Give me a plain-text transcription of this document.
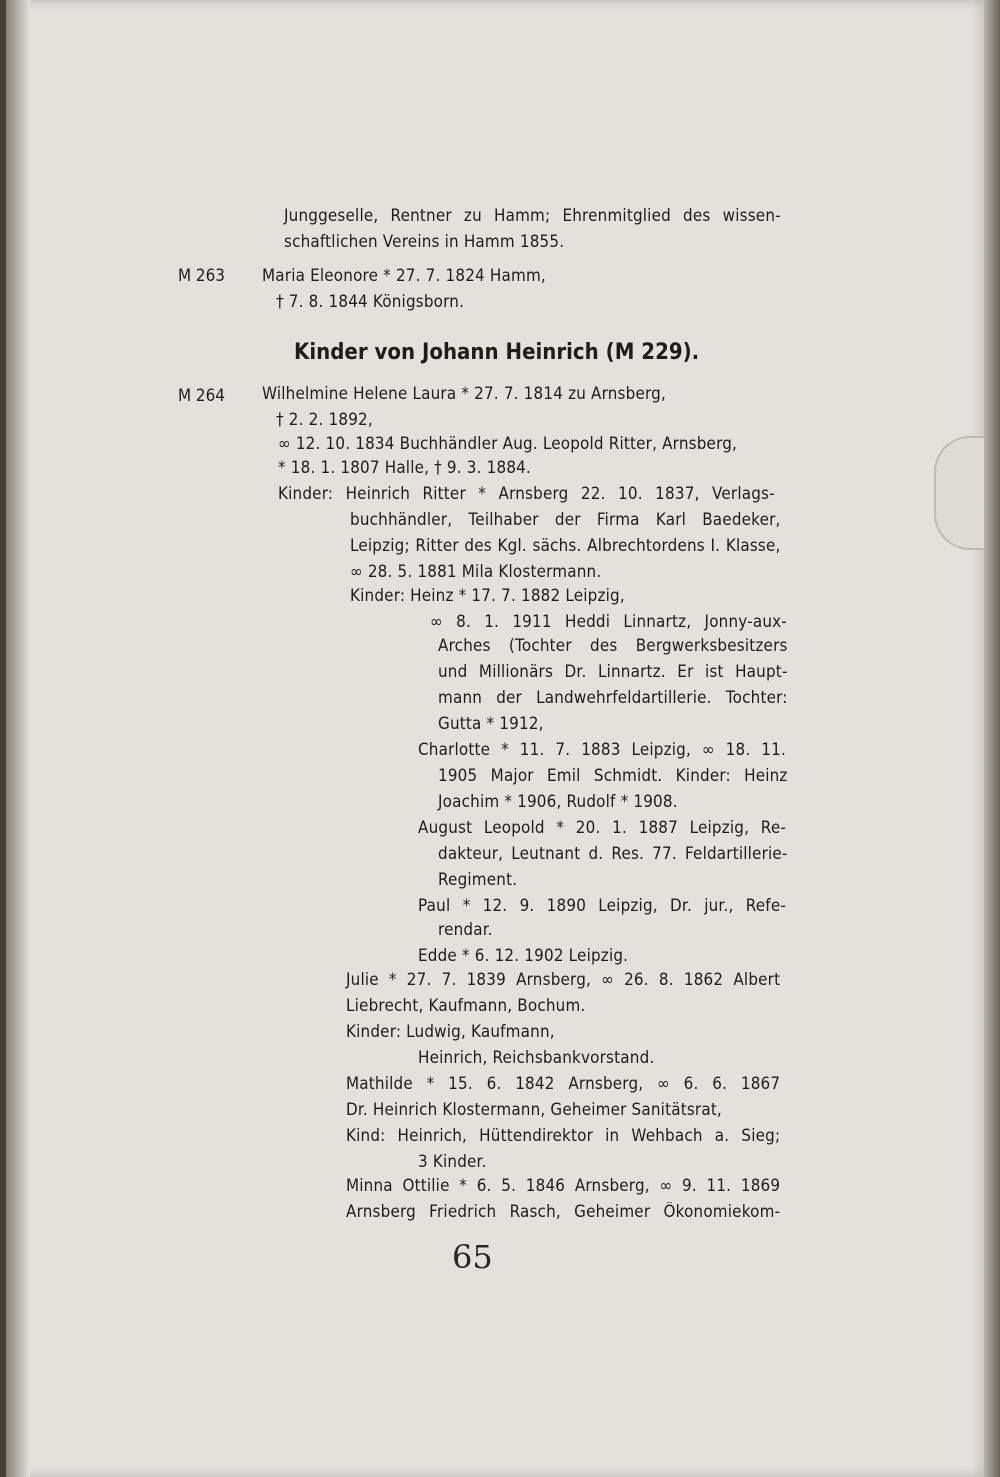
Junggeselle, Rentner zu Hamm; Ehrenmitglied des wissen-

schaftlichen Vereins in Hamm 1855.

M 263 Maria Eleonore * 27. 7. 1824 Hamm,

† 7. 8. 1844 Königsborn.

Kinder von Johann Heinrich (M 229).

M 264 Wilhelmine Helene Laura * 27. 7. 1814 zu Arnsberg,

† 2. 2. 1892,

∞ 12. 10. 1834 Buchhändler Aug. Leopold Ritter, Arnsberg,

* 18. 1. 1807 Halle, † 9. 3. 1884.

Kinder: Heinrich Ritter * Arnsberg 22. 10. 1837, Verlags-

buchhändler, Teilhaber der Firma Karl Baedeker,

Leipzig; Ritter des Kgl. sächs. Albrechtordens I. Klasse,

∞ 28. 5. 1881 Mila Klostermann.

Kinder: Heinz * 17. 7. 1882 Leipzig,

∞ 8. 1. 1911 Heddi Linnartz, Jonny-aux-

Arches (Tochter des Bergwerksbesitzers

und Millionärs Dr. Linnartz. Er ist Haupt-

mann der Landwehrfeldartillerie. Tochter:

Gutta * 1912,

Charlotte * 11. 7. 1883 Leipzig, ∞ 18. 11.

1905 Major Emil Schmidt. Kinder: Heinz

Joachim * 1906, Rudolf * 1908.

August Leopold * 20. 1. 1887 Leipzig, Re-

dakteur, Leutnant d. Res. 77. Feldartillerie-

Regiment.

Paul * 12. 9. 1890 Leipzig, Dr. jur., Refe-

rendar.

Edde * 6. 12. 1902 Leipzig.

Julie * 27. 7. 1839 Arnsberg, ∞ 26. 8. 1862 Albert

Liebrecht, Kaufmann, Bochum.

Kinder: Ludwig, Kaufmann,

Heinrich, Reichsbankvorstand.

Mathilde * 15. 6. 1842 Arnsberg, ∞ 6. 6. 1867

Dr. Heinrich Klostermann, Geheimer Sanitätsrat,

Kind: Heinrich, Hüttendirektor in Wehbach a. Sieg;

3 Kinder.

Minna Ottilie * 6. 5. 1846 Arnsberg, ∞ 9. 11. 1869

Arnsberg Friedrich Rasch, Geheimer Ökonomiekom-

65
